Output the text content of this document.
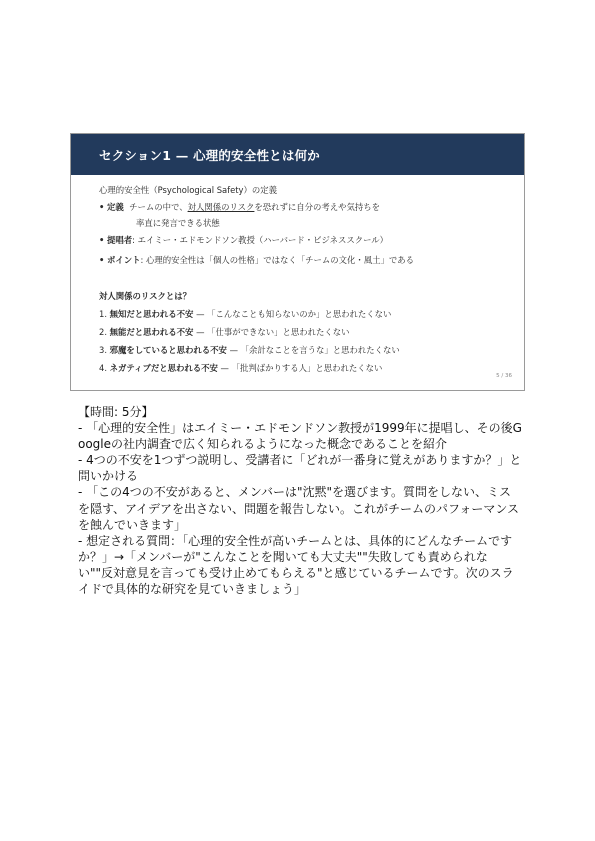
セクション1 — 心理的安全性とは何か
心理的安全性（Psychological Safety）の定義
• 定義 チームの中で、対人関係のリスクを恐れずに自分の考えや気持ちを
率直に発言できる状態
• 提唱者: エイミー・エドモンドソン教授（ハーバード・ビジネススクール）
• ポイント: 心理的安全性は「個人の性格」ではなく「チームの文化・風土」である
対人関係のリスクとは？
1. 無知だと思われる不安 — 「こんなことも知らないのか」と思われたくない
2. 無能だと思われる不安 — 「仕事ができない」と思われたくない
3. 邪魔をしていると思われる不安 — 「余計なことを言うな」と思われたくない
4. ネガティブだと思われる不安 — 「批判ばかりする人」と思われたくない
5 / 36
【時間: 5分】
- 「心理的安全性」はエイミー・エドモンドソン教授が1999年に提唱し、その後Googleの社内調査で広く知られるようになった概念であることを紹介
- 4つの不安を1つずつ説明し、受講者に「どれが一番身に覚えがありますか？」と問いかける
- 「この4つの不安があると、メンバーは"沈黙"を選びます。質問をしない、ミスを隠す、アイデアを出さない、問題を報告しない。これがチームのパフォーマンスを蝕んでいきます」
- 想定される質問：「心理的安全性が高いチームとは、具体的にどんなチームですか？」→「メンバーが"こんなことを聞いても大丈夫""失敗しても責められない""反対意見を言っても受け止めてもらえる"と感じているチームです。次のスライドで具体的な研究を見ていきましょう」
